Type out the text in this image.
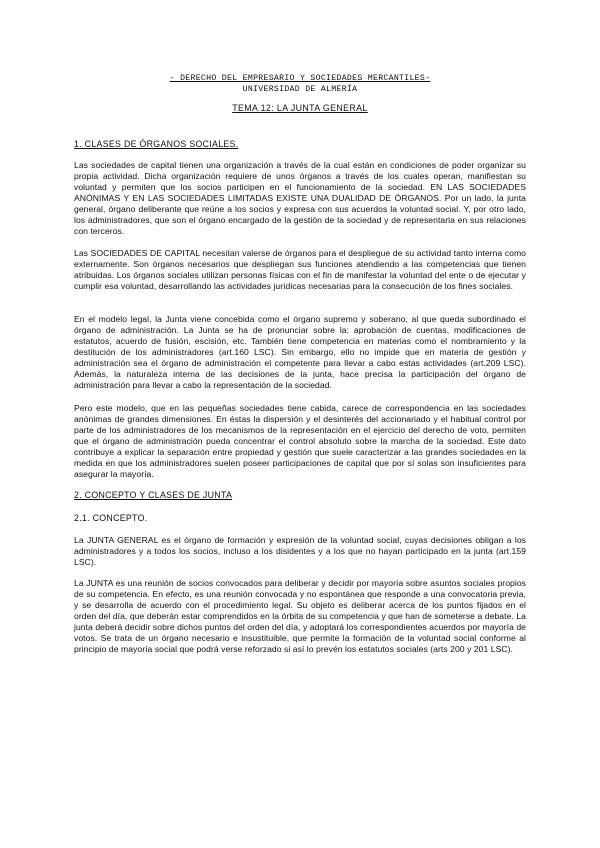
- DERECHO DEL EMPRESARIO Y SOCIEDADES MERCANTILES-
UNIVERSIDAD DE ALMERÍA
TEMA 12: LA JUNTA GENERAL
1. CLASES DE ÓRGANOS SOCIALES.
Las sociedades de capital tienen una organización a través de la cual están en condiciones de poder organizar su propia actividad. Dicha organización requiere de unos órganos a través de los cuales operan, manifiestan su voluntad y permiten que los socios participen en el funcionamiento de la sociedad. EN LAS SOCIEDADES ANÓNIMAS Y EN LAS SOCIEDADES LIMITADAS EXISTE UNA DUALIDAD DE ÓRGANOS. Por un lado, la junta general, órgano deliberante que reúne a los socios y expresa con sus acuerdos la voluntad social. Y, por otro lado, los administradores, que son el órgano encargado de la gestión de la sociedad y de representarla en sus relaciones con terceros.
Las SOCIEDADES DE CAPITAL necesitan valerse de órganos para el despliegue de su actividad tanto interna como externamente. Son órganos necesarios que despliegan sus funciones atendiendo a las competencias que tienen atribuidas. Los órganos sociales utilizan personas físicas con el fin de manifestar la voluntad del ente o de ejecutar y cumplir esa voluntad, desarrollando las actividades jurídicas necesarias para la consecución de los fines sociales.
En el modelo legal, la Junta viene concebida como el órgano supremo y soberano, al que queda subordinado el órgano de administración. La Junta se ha de pronunciar sobre la: aprobación de cuentas, modificaciones de estatutos, acuerdo de fusión, escisión, etc. También tiene competencia en materias como el nombramiento y la destitución de los administradores (art.160 LSC). Sin embargo, ello no impide que en materia de gestión y administración sea el órgano de administración el competente para llevar a cabo estas actividades (art.209 LSC). Además, la naturaleza interna de las decisiones de la junta, hace precisa la participación del órgano de administración para llevar a cabo la representación de la sociedad.
Pero este modelo, que en las pequeñas sociedades tiene cabida, carece de correspondencia en las sociedades anónimas de grandes dimensiones. En éstas la dispersión y el desinterés del accionariado y el habitual control por parte de los administradores de los mecanismos de la representación en el ejercicio del derecho de voto, permiten que el órgano de administración pueda concentrar el control absoluto sobre la marcha de la sociedad. Este dato contribuye a explicar la separación entre propiedad y gestión que suele caracterizar a las grandes sociedades en la medida en que los administradores suelen poseer participaciones de capital que por sí solas son insuficientes para asegurar la mayoría.
2. CONCEPTO Y CLASES DE JUNTA
2.1. CONCEPTO.
La JUNTA GENERAL es el órgano de formación y expresión de la voluntad social, cuyas decisiones obligan a los administradores y a todos los socios, incluso a los disidentes y a los que no hayan participado en la junta (art.159 LSC).
La JUNTA es una reunión de socios convocados para deliberar y decidir por mayoría sobre asuntos sociales propios de su competencia. En efecto, es una reunión convocada y no espontánea que responde a una convocatoria previa, y se desarrolla de acuerdo con el procedimiento legal. Su objeto es deliberar acerca de los puntos fijados en el orden del día, que deberán estar comprendidos en la órbita de su competencia y que han de someterse a debate. La junta deberá decidir sobre dichos puntos del orden del día, y adoptará los correspondientes acuerdos por mayoría de votos. Se trata de un órgano necesario e insustituible, que permite la formación de la voluntad social conforme al principio de mayoría social que podrá verse reforzado si así lo prevén los estatutos sociales (arts 200 y 201 LSC).
